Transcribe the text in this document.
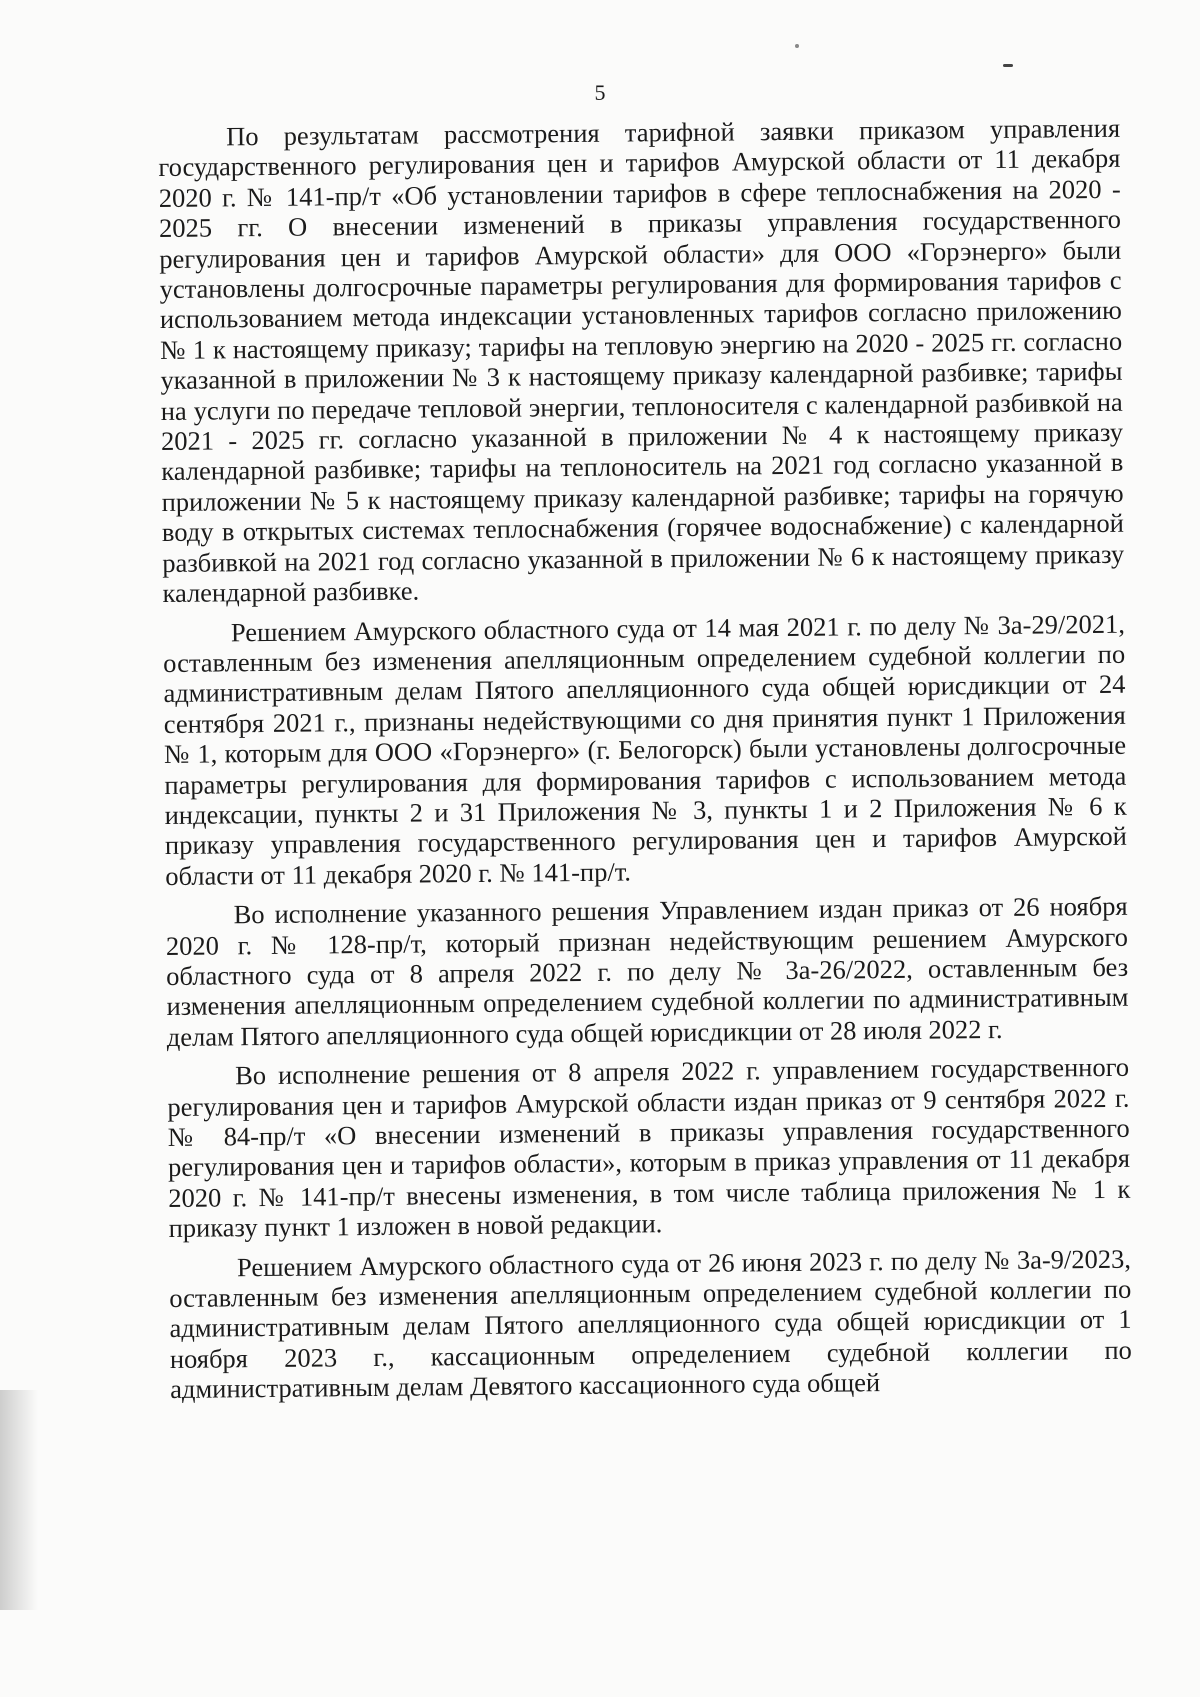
5

По результатам рассмотрения тарифной заявки приказом управления государственного регулирования цен и тарифов Амурской области от 11 декабря 2020 г. № 141-пр/т «Об установлении тарифов в сфере теплоснабжения на 2020 - 2025 гг. О внесении изменений в приказы управления государственного регулирования цен и тарифов Амурской области» для ООО «Горэнерго» были установлены долгосрочные параметры регулирования для формирования тарифов с использованием метода индексации установленных тарифов согласно приложению № 1 к настоящему приказу; тарифы на тепловую энергию на 2020 - 2025 гг. согласно указанной в приложении № 3 к настоящему приказу календарной разбивке; тарифы на услуги по передаче тепловой энергии, теплоносителя с календарной разбивкой на 2021 - 2025 гг. согласно указанной в приложении № 4 к настоящему приказу календарной разбивке; тарифы на теплоноситель на 2021 год согласно указанной в приложении № 5 к настоящему приказу календарной разбивке; тарифы на горячую воду в открытых системах теплоснабжения (горячее водоснабжение) с календарной разбивкой на 2021 год согласно указанной в приложении № 6 к настоящему приказу календарной разбивке.

Решением Амурского областного суда от 14 мая 2021 г. по делу № 3а-29/2021, оставленным без изменения апелляционным определением судебной коллегии по административным делам Пятого апелляционного суда общей юрисдикции от 24 сентября 2021 г., признаны недействующими со дня принятия пункт 1 Приложения № 1, которым для ООО «Горэнерго» (г. Белогорск) были установлены долгосрочные параметры регулирования для формирования тарифов с использованием метода индексации, пункты 2 и 31 Приложения № 3, пункты 1 и 2 Приложения № 6 к приказу управления государственного регулирования цен и тарифов Амурской области от 11 декабря 2020 г. № 141-пр/т.

Во исполнение указанного решения Управлением издан приказ от 26 ноября 2020 г. № 128-пр/т, который признан недействующим решением Амурского областного суда от 8 апреля 2022 г. по делу № 3а-26/2022, оставленным без изменения апелляционным определением судебной коллегии по административным делам Пятого апелляционного суда общей юрисдикции от 28 июля 2022 г.

Во исполнение решения от 8 апреля 2022 г. управлением государственного регулирования цен и тарифов Амурской области издан приказ от 9 сентября 2022 г. № 84-пр/т «О внесении изменений в приказы управления государственного регулирования цен и тарифов области», которым в приказ управления от 11 декабря 2020 г. № 141-пр/т внесены изменения, в том числе таблица приложения № 1 к приказу пункт 1 изложен в новой редакции.

Решением Амурского областного суда от 26 июня 2023 г. по делу № 3а-9/2023, оставленным без изменения апелляционным определением судебной коллегии по административным делам Пятого апелляционного суда общей юрисдикции от 1 ноября 2023 г., кассационным определением судебной коллегии по административным делам Девятого кассационного суда общей
